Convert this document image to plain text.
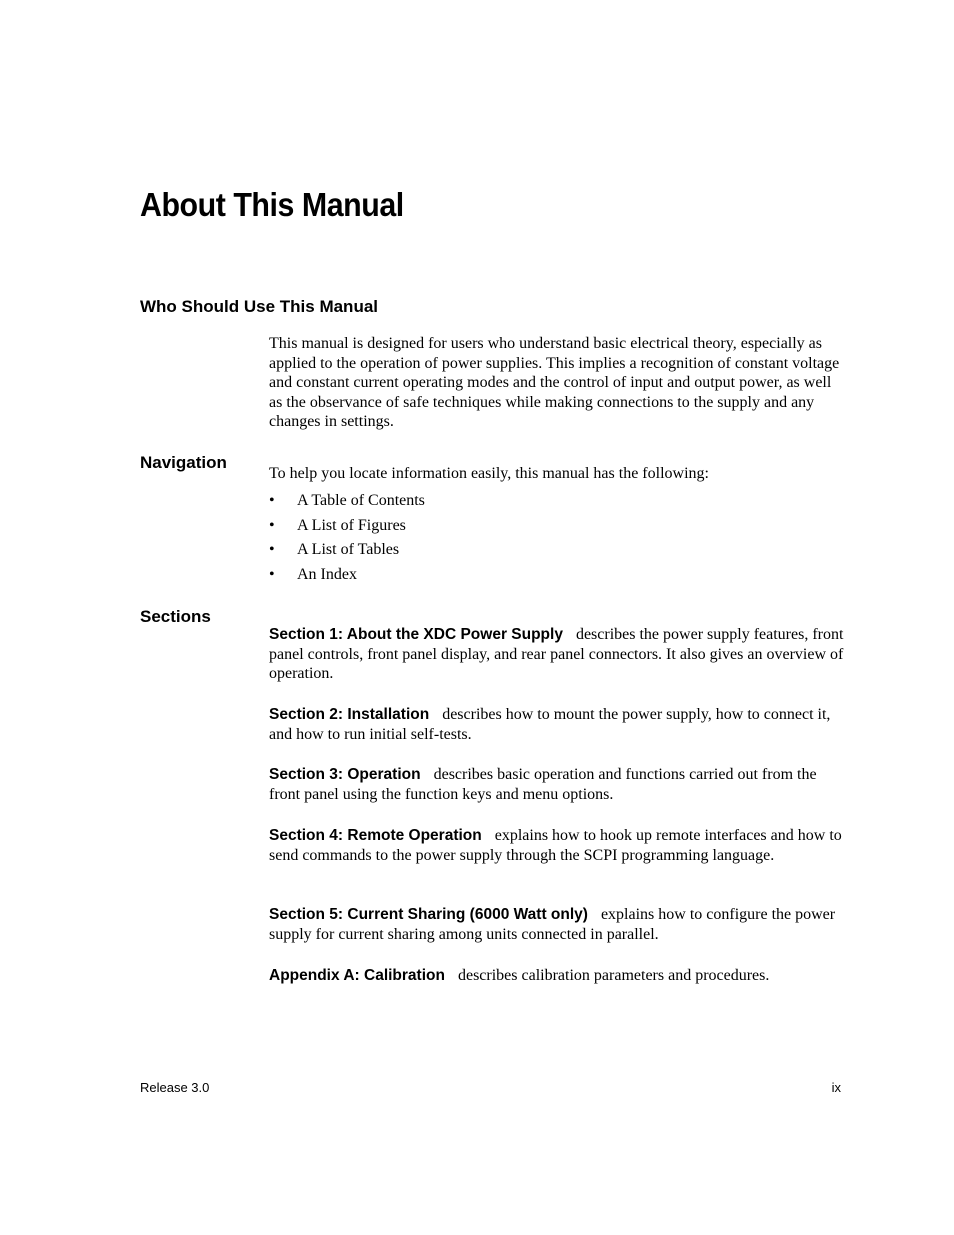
About This Manual
Who Should Use This Manual

This manual is designed for users who understand basic electrical theory, especially as applied to the operation of power supplies. This implies a recognition of constant voltage and constant current operating modes and the control of input and output power, as well as the observance of safe techniques while making connections to the supply and any changes in settings.

Navigation

To help you locate information easily, this manual has the following:

• A Table of Contents
• A List of Figures
• A List of Tables
• An Index
Sections

Section 1: About the XDC Power Supply describes the power supply features, front panel controls, front panel display, and rear panel connectors. It also gives an overview of operation.

Section 2: Installation describes how to mount the power supply, how to connect it, and how to run initial self-tests.

Section 3: Operation describes basic operation and functions carried out from the front panel using the function keys and menu options.

Section 4: Remote Operation explains how to hook up remote interfaces and how to send commands to the power supply through the SCPI programming language.

Section 5: Current Sharing (6000 Watt only) explains how to configure the power supply for current sharing among units connected in parallel.

Appendix A: Calibration describes calibration parameters and procedures.

Release 3.0	ix
